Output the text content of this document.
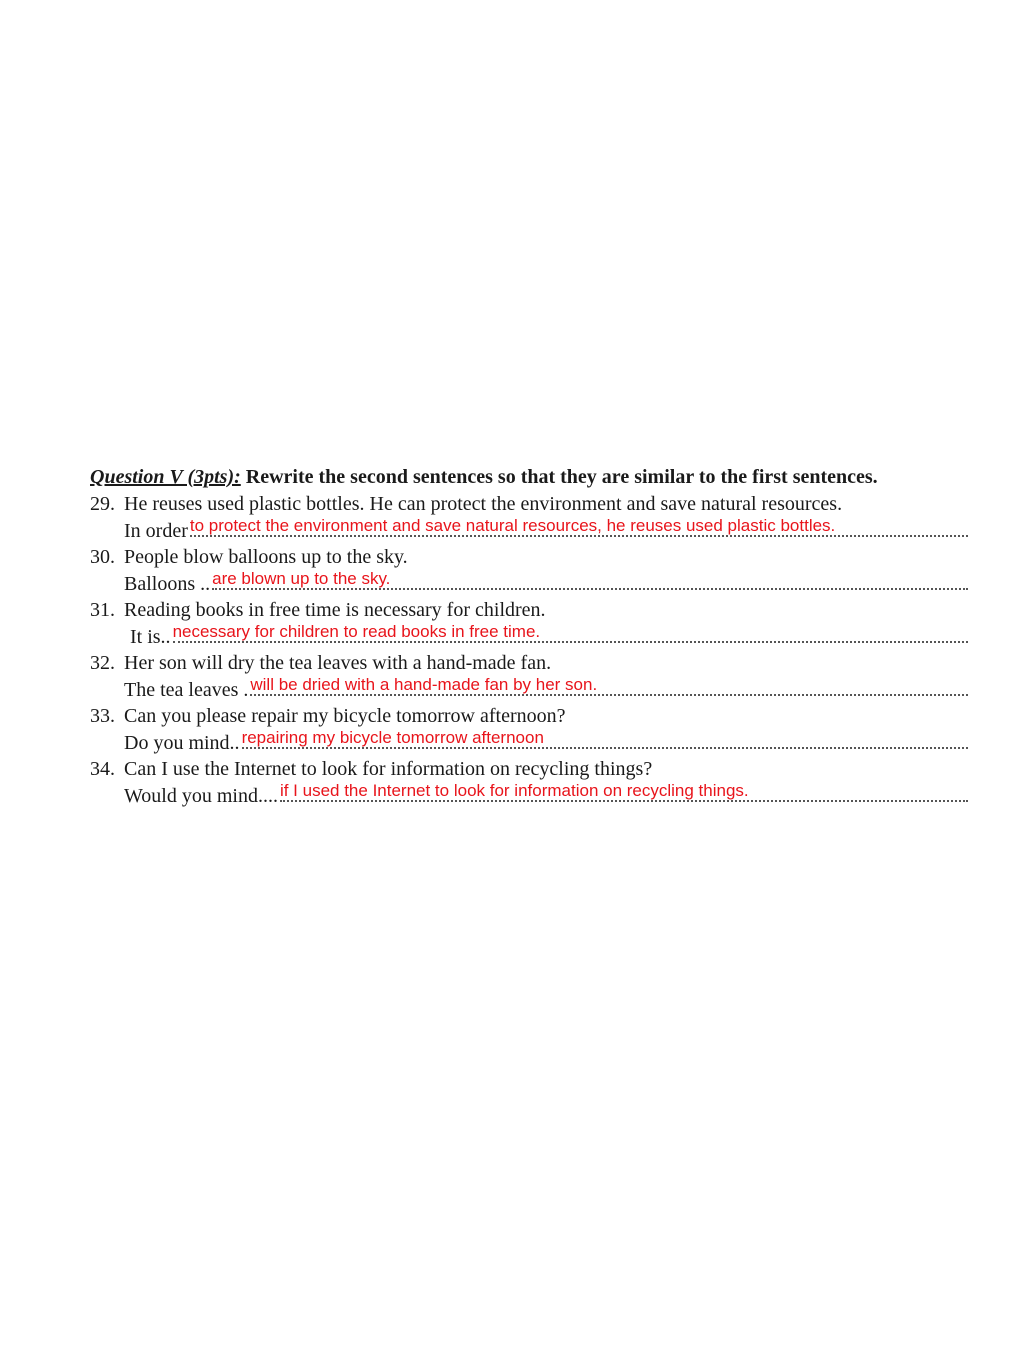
Question V (3pts): Rewrite the second sentences so that they are similar to the first sentences.
29. He reuses used plastic bottles. He can protect the environment and save natural resources.
In order to protect the environment and save natural resources, he reuses used plastic bottles.
30. People blow balloons up to the sky.
Balloons .. are blown up to the sky.
31. Reading books in free time is necessary for children.
It is.. necessary for children to read books in free time.
32. Her son will dry the tea leaves with a hand-made fan.
The tea leaves . will be dried with a hand-made fan by her son.
33. Can you please repair my bicycle tomorrow afternoon?
Do you mind.. repairing my bicycle tomorrow afternoon
34. Can I use the Internet to look for information on recycling things?
Would you mind.... if I used the Internet to look for information on recycling things.
